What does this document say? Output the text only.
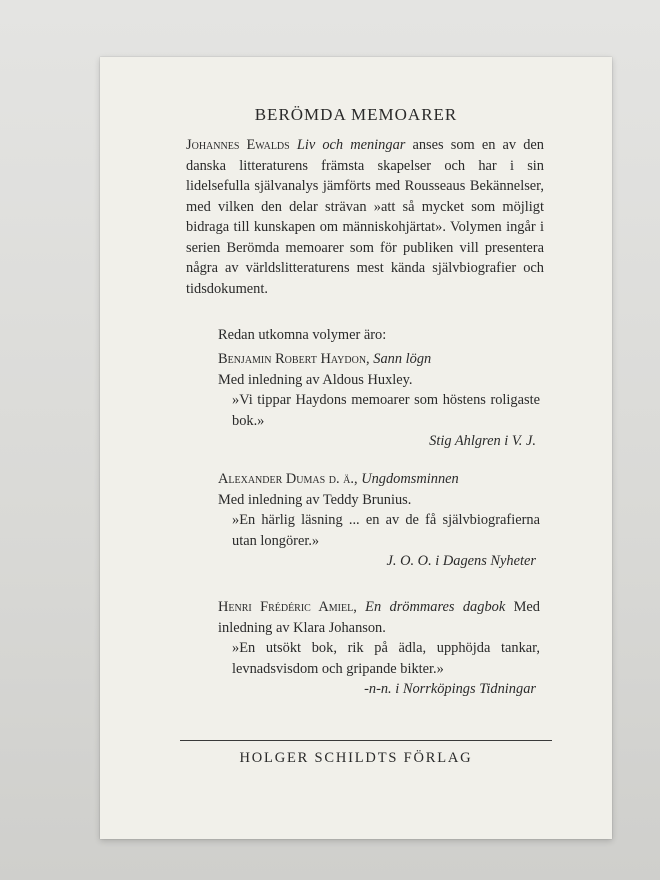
BERÖMDA MEMOARER
Johannes Ewalds Liv och meningar anses som en av den danska litteraturens främsta skapelser och har i sin lidelsefulla självanalys jämförts med Rousseaus Bekännelser, med vilken den delar strävan »att så mycket som möjligt bidraga till kunskapen om människohjärtat». Volymen ingår i serien Berömda memoarer som för publiken vill presentera några av världslitteraturens mest kända självbiografier och tidsdokument.
Redan utkomna volymer äro:
Benjamin Robert Haydon, Sann lögn
Med inledning av Aldous Huxley.
»Vi tippar Haydons memoarer som höstens roligaste bok.»
Stig Ahlgren i V. J.
Alexander Dumas d. ä., Ungdomsminnen
Med inledning av Teddy Brunius.
»En härlig läsning ... en av de få självbiografierna utan longörer.»
J. O. O. i Dagens Nyheter
Henri Frédéric Amiel, En drömmares dagbok Med inledning av Klara Johanson.
»En utsökt bok, rik på ädla, upphöjda tankar, levnadsvisdom och gripande bikter.»
-n-n. i Norrköpings Tidningar
HOLGER SCHILDTS FÖRLAG
